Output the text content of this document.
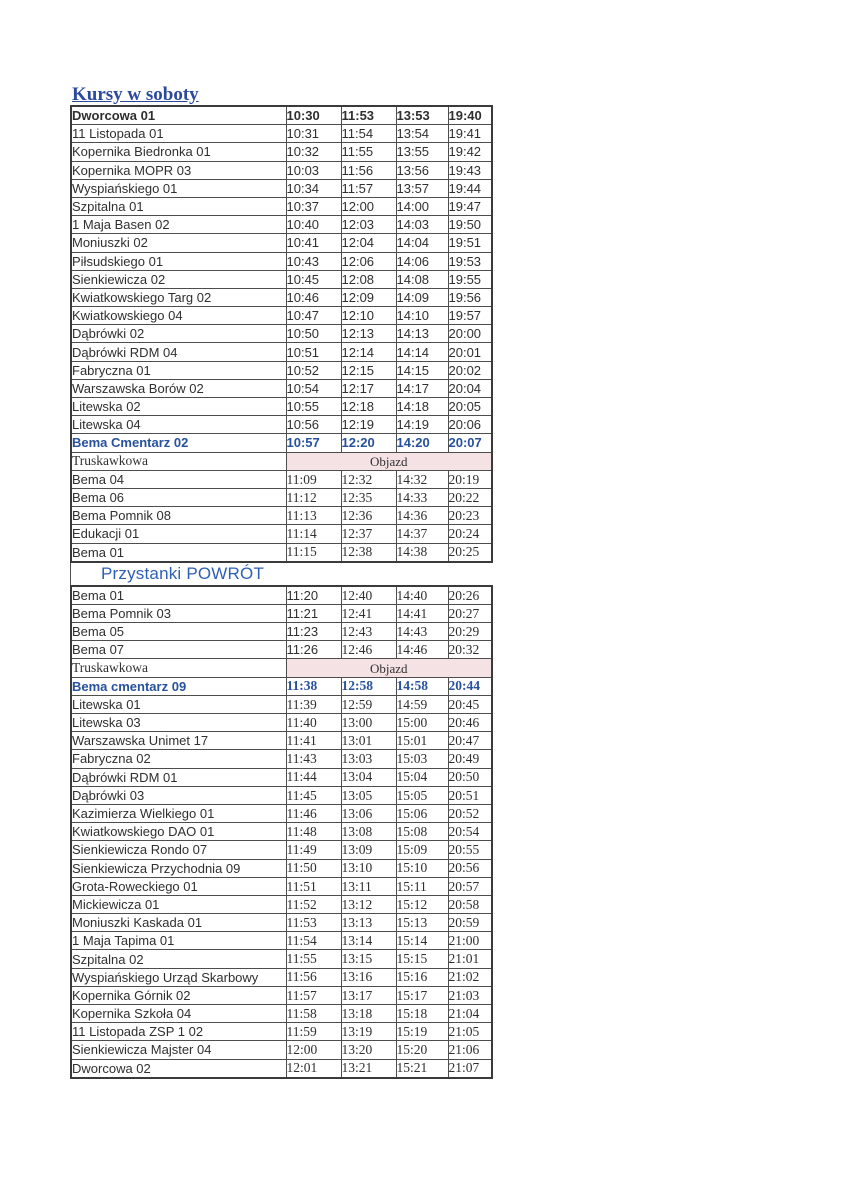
Kursy w soboty
Dworcowa 01	10:30	11:53	13:53	19:40
11 Listopada 01	10:31	11:54	13:54	19:41
Kopernika Biedronka 01	10:32	11:55	13:55	19:42
Kopernika MOPR 03	10:03	11:56	13:56	19:43
Wyspiańskiego 01	10:34	11:57	13:57	19:44
Szpitalna 01	10:37	12:00	14:00	19:47
1 Maja Basen 02	10:40	12:03	14:03	19:50
Moniuszki 02	10:41	12:04	14:04	19:51
Piłsudskiego 01	10:43	12:06	14:06	19:53
Sienkiewicza 02	10:45	12:08	14:08	19:55
Kwiatkowskiego Targ 02	10:46	12:09	14:09	19:56
Kwiatkowskiego 04	10:47	12:10	14:10	19:57
Dąbrówki 02	10:50	12:13	14:13	20:00
Dąbrówki RDM 04	10:51	12:14	14:14	20:01
Fabryczna 01	10:52	12:15	14:15	20:02
Warszawska Borów 02	10:54	12:17	14:17	20:04
Litewska 02	10:55	12:18	14:18	20:05
Litewska 04	10:56	12:19	14:19	20:06
Bema Cmentarz 02	10:57	12:20	14:20	20:07
Truskawkowa	Objazd			
Bema 04	11:09	12:32	14:32	20:19
Bema 06	11:12	12:35	14:33	20:22
Bema Pomnik 08	11:13	12:36	14:36	20:23
Edukacji 01	11:14	12:37	14:37	20:24
Bema 01	11:15	12:38	14:38	20:25
Przystanki POWRÓT
Bema 01	11:20	12:40	14:40	20:26
Bema Pomnik 03	11:21	12:41	14:41	20:27
Bema 05	11:23	12:43	14:43	20:29
Bema 07	11:26	12:46	14:46	20:32
Truskawkowa	Objazd			
Bema cmentarz 09	11:38	12:58	14:58	20:44
Litewska 01	11:39	12:59	14:59	20:45
Litewska 03	11:40	13:00	15:00	20:46
Warszawska Unimet 17	11:41	13:01	15:01	20:47
Fabryczna 02	11:43	13:03	15:03	20:49
Dąbrówki RDM 01	11:44	13:04	15:04	20:50
Dąbrówki 03	11:45	13:05	15:05	20:51
Kazimierza Wielkiego 01	11:46	13:06	15:06	20:52
Kwiatkowskiego DAO 01	11:48	13:08	15:08	20:54
Sienkiewicza Rondo 07	11:49	13:09	15:09	20:55
Sienkiewicza Przychodnia 09	11:50	13:10	15:10	20:56
Grota-Roweckiego 01	11:51	13:11	15:11	20:57
Mickiewicza 01	11:52	13:12	15:12	20:58
Moniuszki Kaskada 01	11:53	13:13	15:13	20:59
1 Maja Tapima 01	11:54	13:14	15:14	21:00
Szpitalna 02	11:55	13:15	15:15	21:01
Wyspiańskiego Urząd Skarbowy	11:56	13:16	15:16	21:02
Kopernika Górnik 02	11:57	13:17	15:17	21:03
Kopernika Szkoła 04	11:58	13:18	15:18	21:04
11 Listopada ZSP 1 02	11:59	13:19	15:19	21:05
Sienkiewicza Majster 04	12:00	13:20	15:20	21:06
Dworcowa 02	12:01	13:21	15:21	21:07
